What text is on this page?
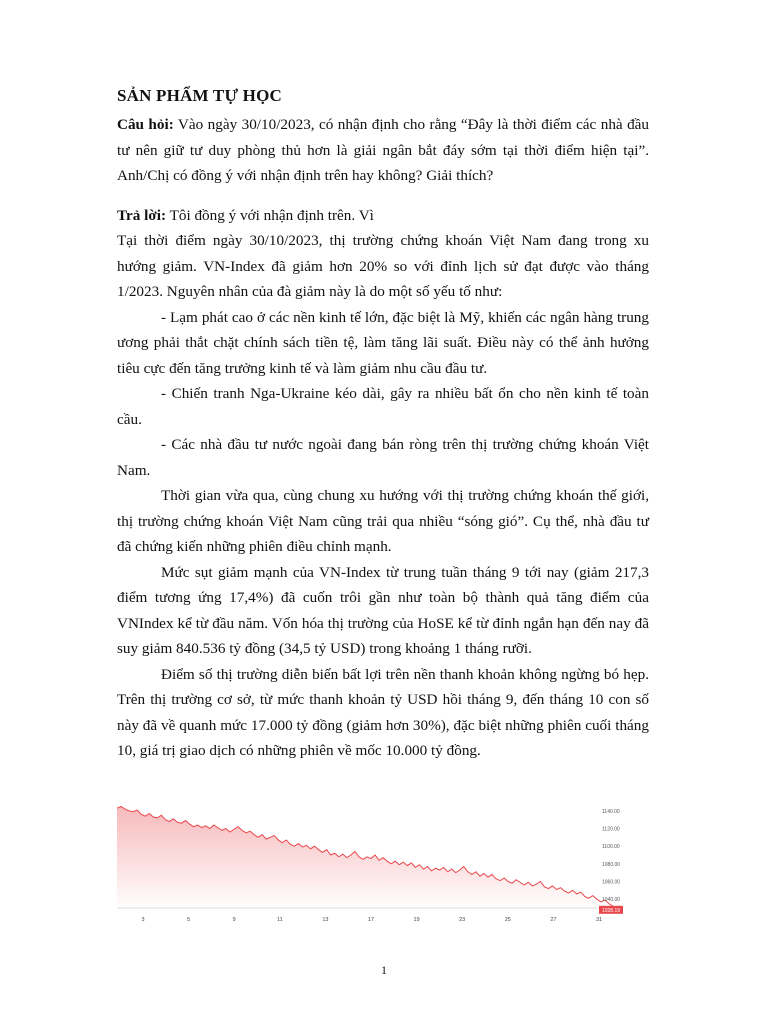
SẢN PHẨM TỰ HỌC

Câu hỏi: Vào ngày 30/10/2023, có nhận định cho rằng “Đây là thời điểm các nhà đầu tư nên giữ tư duy phòng thủ hơn là giải ngân bắt đáy sớm tại thời điểm hiện tại”. Anh/Chị có đồng ý với nhận định trên hay không? Giải thích?

Trả lời: Tôi đồng ý với nhận định trên. Vì

Tại thời điểm ngày 30/10/2023, thị trường chứng khoán Việt Nam đang trong xu hướng giảm. VN-Index đã giảm hơn 20% so với đỉnh lịch sử đạt được vào tháng 1/2023. Nguyên nhân của đà giảm này là do một số yếu tố như:

- Lạm phát cao ở các nền kinh tế lớn, đặc biệt là Mỹ, khiến các ngân hàng trung ương phải thắt chặt chính sách tiền tệ, làm tăng lãi suất. Điều này có thể ảnh hưởng tiêu cực đến tăng trưởng kinh tế và làm giảm nhu cầu đầu tư.

- Chiến tranh Nga-Ukraine kéo dài, gây ra nhiều bất ổn cho nền kinh tế toàn cầu.

- Các nhà đầu tư nước ngoài đang bán ròng trên thị trường chứng khoán Việt Nam.

Thời gian vừa qua, cùng chung xu hướng với thị trường chứng khoán thế giới, thị trường chứng khoán Việt Nam cũng trải qua nhiều “sóng gió”. Cụ thể, nhà đầu tư đã chứng kiến những phiên điều chỉnh mạnh.

Mức sụt giảm mạnh của VN-Index từ trung tuần tháng 9 tới nay (giảm 217,3 điểm tương ứng 17,4%) đã cuốn trôi gần như toàn bộ thành quả tăng điểm của VNIndex kể từ đầu năm. Vốn hóa thị trường của HoSE kể từ đỉnh ngắn hạn đến nay đã suy giảm 840.536 tỷ đồng (34,5 tỷ USD) trong khoảng 1 tháng rưỡi.

Điểm số thị trường diễn biến bất lợi trên nền thanh khoản không ngừng bó hẹp. Trên thị trường cơ sở, từ mức thanh khoản tỷ USD hồi tháng 9, đến tháng 10 con số này đã về quanh mức 17.000 tỷ đồng (giảm hơn 30%), đặc biệt những phiên cuối tháng 10, giá trị giao dịch có những phiên về mốc 10.000 tỷ đồng.

3	5	9	11	13	17	19	23	25	27	31
1140.00
1120.00
1100.00
1080.00
1060.00
1040.00
1028.19
1
